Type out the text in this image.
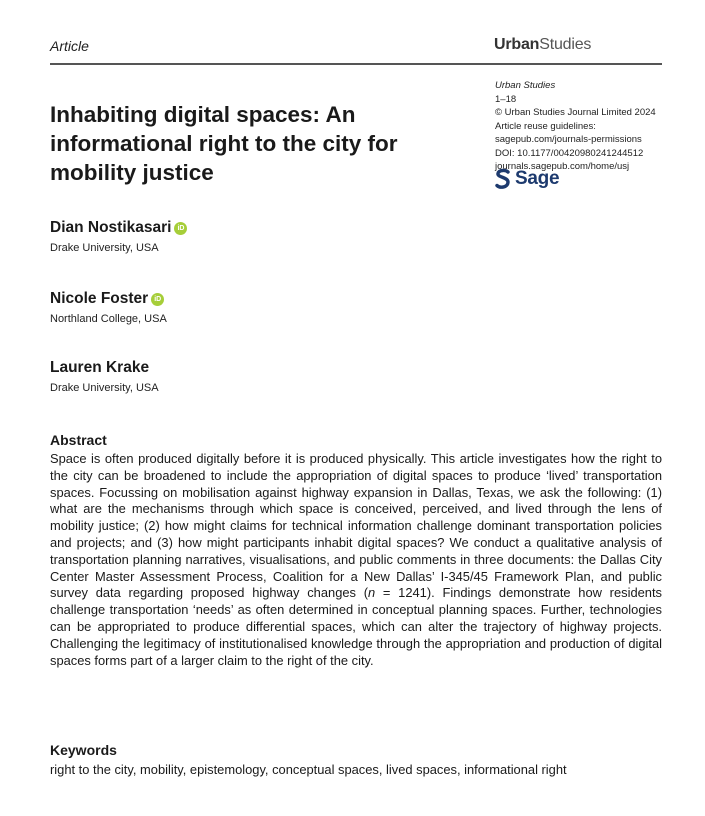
Article	UrbanStudies
Inhabiting digital spaces: An informational right to the city for mobility justice
Urban Studies
1–18
© Urban Studies Journal Limited 2024
Article reuse guidelines:
sagepub.com/journals-permissions
DOI: 10.1177/00420980241244512
journals.sagepub.com/home/usj
Sage
Dian Nostikasari iD
Drake University, USA
Nicole Foster iD
Northland College, USA
Lauren Krake
Drake University, USA
Abstract
Space is often produced digitally before it is produced physically. This article investigates how the right to the city can be broadened to include the appropriation of digital spaces to produce ‘lived’ transportation spaces. Focussing on mobilisation against highway expansion in Dallas, Texas, we ask the following: (1) what are the mechanisms through which space is conceived, perceived, and lived through the lens of mobility justice; (2) how might claims for technical information challenge dominant transportation policies and projects; and (3) how might participants inhabit digital spaces? We conduct a qualitative analysis of transportation planning narratives, visualisations, and public comments in three documents: the Dallas City Center Master Assessment Process, Coalition for a New Dallas’ I-345/45 Framework Plan, and public survey data regarding proposed highway changes (n = 1241). Findings demonstrate how residents challenge transportation ‘needs’ as often determined in conceptual planning spaces. Further, technologies can be appropriated to produce differential spaces, which can alter the trajectory of highway projects. Challenging the legitimacy of institutionalised knowledge through the appropriation and production of digital spaces forms part of a larger claim to the right of the city.
Keywords
right to the city, mobility, epistemology, conceptual spaces, lived spaces, informational right
